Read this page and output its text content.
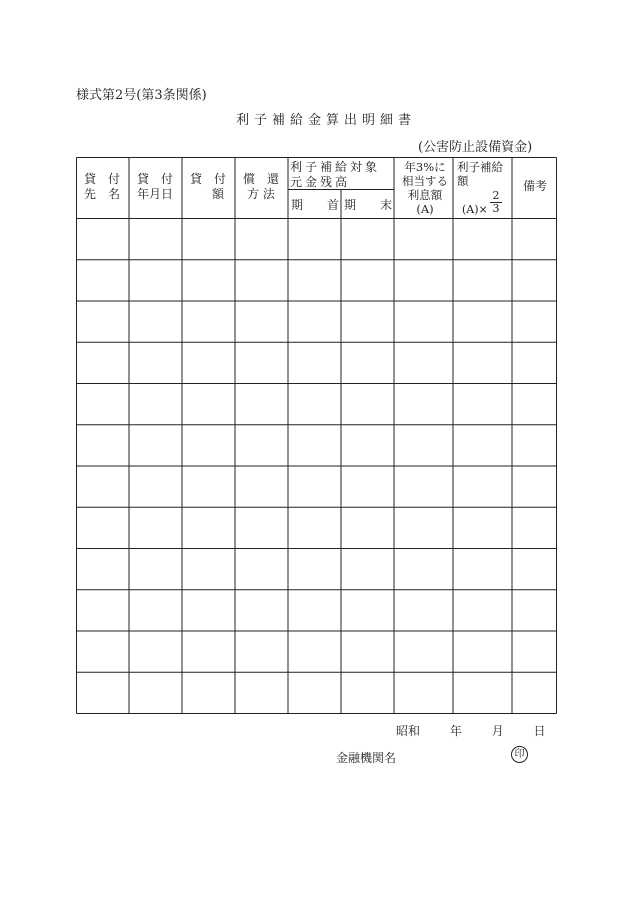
様式第2号(第3条関係)
利子補給金算出明細書
(公害防止設備資金)
貸　付
先　名
貸　付
年月日
貸　付
額
償　還
方 法
利子補給対象
元金残高
期　　首 期　　末
年3%に
相当する
利息額
(A)
利子補給
額
(A)×
2
3
備考
昭和 年 月 日
金融機関名	印
